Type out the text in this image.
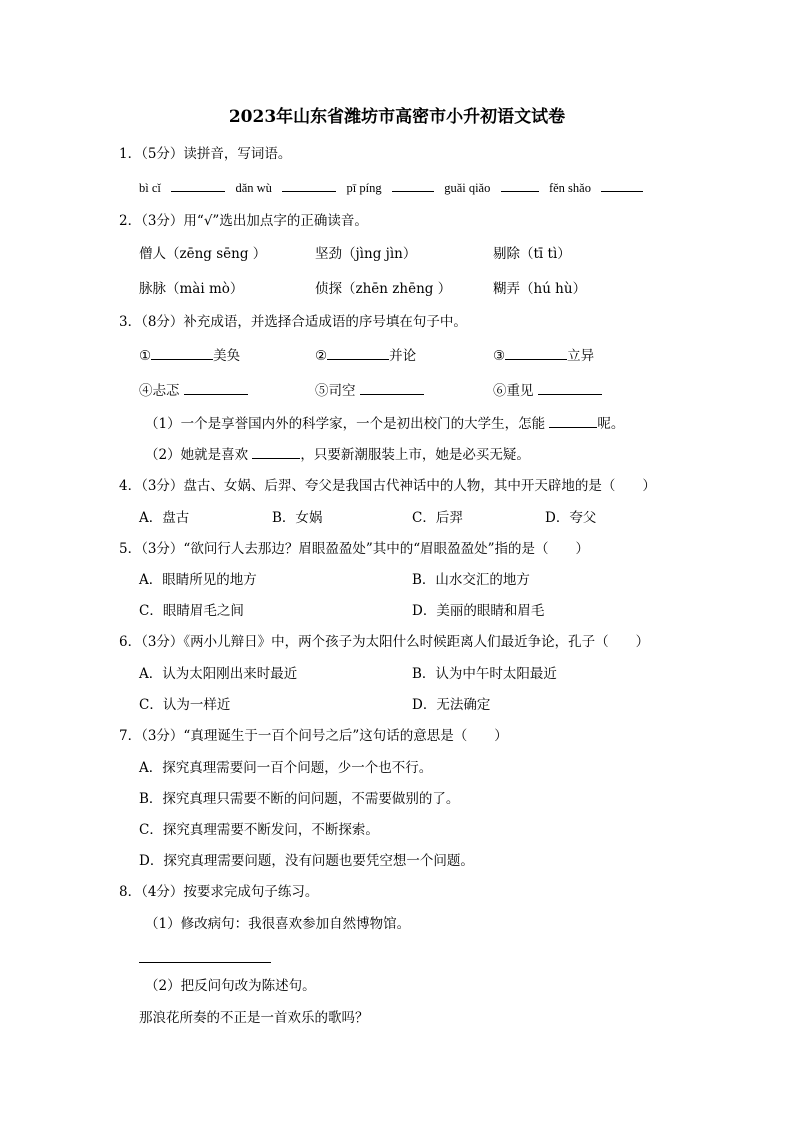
2023年山东省潍坊市高密市小升初语文试卷
1．（5分）读拼音，写词语。
bì cǐ	dǎn wù	pī píng	guǎi qiǎo	fěn shǎo
2．（3分）用“√”选出加点字的正确读音。
僧人（zēng sēng ）	坚劲（jìng jìn）	剔除（tī tì）
脉脉（mài mò）	侦探（zhēn zhēng ）	糊弄（hú hù）
3．（8分）补充成语，并选择合适成语的序号填在句子中。
①	美奂	②	并论	③	立异
④忐忑	⑤司空	⑥重见
（1）一个是享誉国内外的科学家，一个是初出校门的大学生，怎能	呢。
（2）她就是喜欢	，只要新潮服装上市，她是必买无疑。
4．（3分）盘古、女娲、后羿、夸父是我国古代神话中的人物，其中开天辟地的是（　　）
A．盘古	B．女娲	C．后羿	D．夸父
5．（3分）“欲问行人去那边？眉眼盈盈处”其中的“眉眼盈盈处”指的是（　　）
A．眼睛所见的地方	B．山水交汇的地方
C．眼睛眉毛之间	D．美丽的眼睛和眉毛
6．（3分）《两小儿辩日》中，两个孩子为太阳什么时候距离人们最近争论，孔子（　　）
A．认为太阳刚出来时最近	B．认为中午时太阳最近
C．认为一样近	D．无法确定
7．（3分）“真理诞生于一百个问号之后”这句话的意思是（　　）
A．探究真理需要问一百个问题，少一个也不行。
B．探究真理只需要不断的问问题，不需要做别的了。
C．探究真理需要不断发问，不断探索。
D．探究真理需要问题，没有问题也要凭空想一个问题。
8．（4分）按要求完成句子练习。
（1）修改病句：我很喜欢参加自然博物馆。
（2）把反问句改为陈述句。
那浪花所奏的不正是一首欢乐的歌吗？
